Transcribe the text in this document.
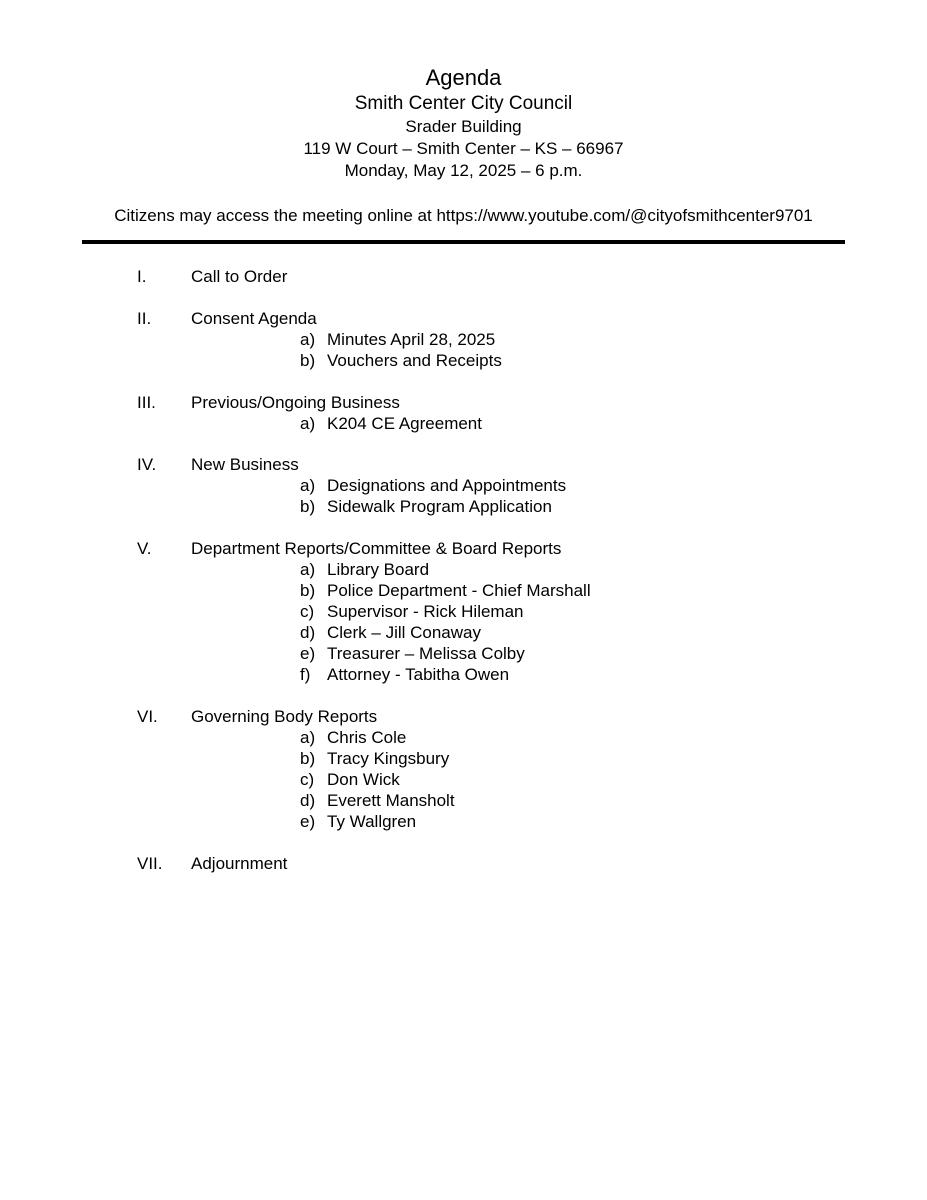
Agenda
Smith Center City Council
Srader Building
119 W Court – Smith Center – KS – 66967
Monday, May 12, 2025 – 6 p.m.
Citizens may access the meeting online at https://www.youtube.com/@cityofsmithcenter9701
I.	Call to Order
II. Consent Agenda
a) Minutes April 28, 2025
b) Vouchers and Receipts
III. Previous/Ongoing Business
a) K204 CE Agreement
IV. New Business
a) Designations and Appointments
b) Sidewalk Program Application
V. Department Reports/Committee & Board Reports
a) Library Board
b) Police Department - Chief Marshall
c) Supervisor - Rick Hileman
d) Clerk – Jill Conaway
e) Treasurer – Melissa Colby
f) Attorney - Tabitha Owen
VI. Governing Body Reports
a) Chris Cole
b) Tracy Kingsbury
c) Don Wick
d) Everett Mansholt
e) Ty Wallgren
VII. Adjournment
